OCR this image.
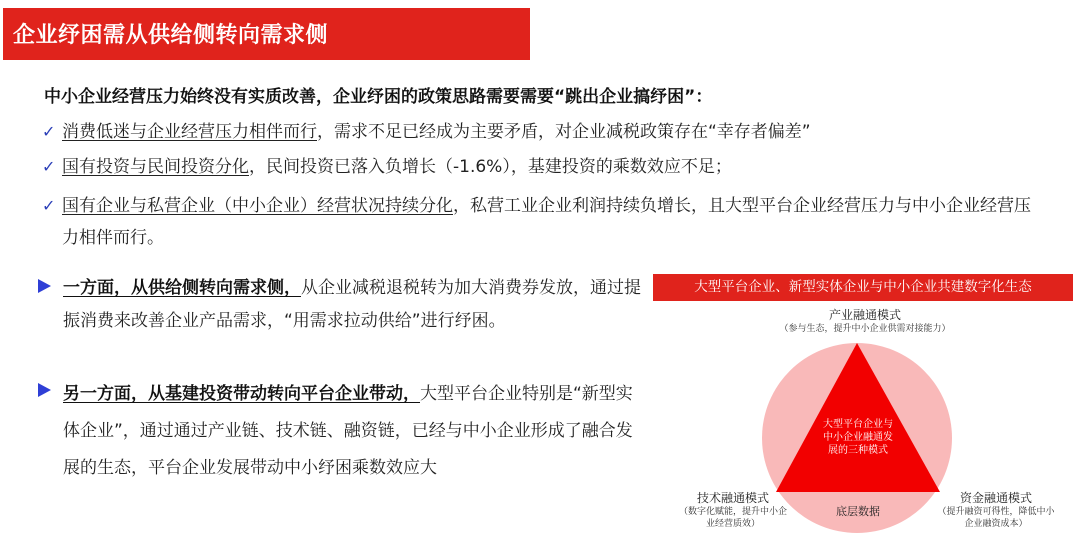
企业纾困需从供给侧转向需求侧
中小企业经营压力始终没有实质改善，企业纾困的政策思路需要需要“跳出企业搞纾困”：
✓ 消费低迷与企业经营压力相伴而行，需求不足已经成为主要矛盾，对企业减税政策存在“幸存者偏差”
✓ 国有投资与民间投资分化，民间投资已落入负增长（-1.6%），基建投资的乘数效应不足；
✓ 国有企业与私营企业（中小企业）经营状况持续分化，私营工业企业利润持续负增长，且大型平台企业经营压力与中小企业经营压力相伴而行。
一方面，从供给侧转向需求侧，从企业减税退税转为加大消费券发放，通过提振消费来改善企业产品需求，“用需求拉动供给”进行纾困。
另一方面，从基建投资带动转向平台企业带动，大型平台企业特别是“新型实体企业”，通过通过产业链、技术链、融资链，已经与中小企业形成了融合发展的生态，平台企业发展带动中小纾困乘数效应大
大型平台企业、新型实体企业与中小企业共建数字化生态
产业融通模式
（参与生态，提升中小企业供需对接能力）
大型平台企业与中小企业融通发展的三种模式
技术融通模式
（数字化赋能，提升中小企业经营质效）
底层数据
资金融通模式
（提升融资可得性，降低中小企业融资成本）
